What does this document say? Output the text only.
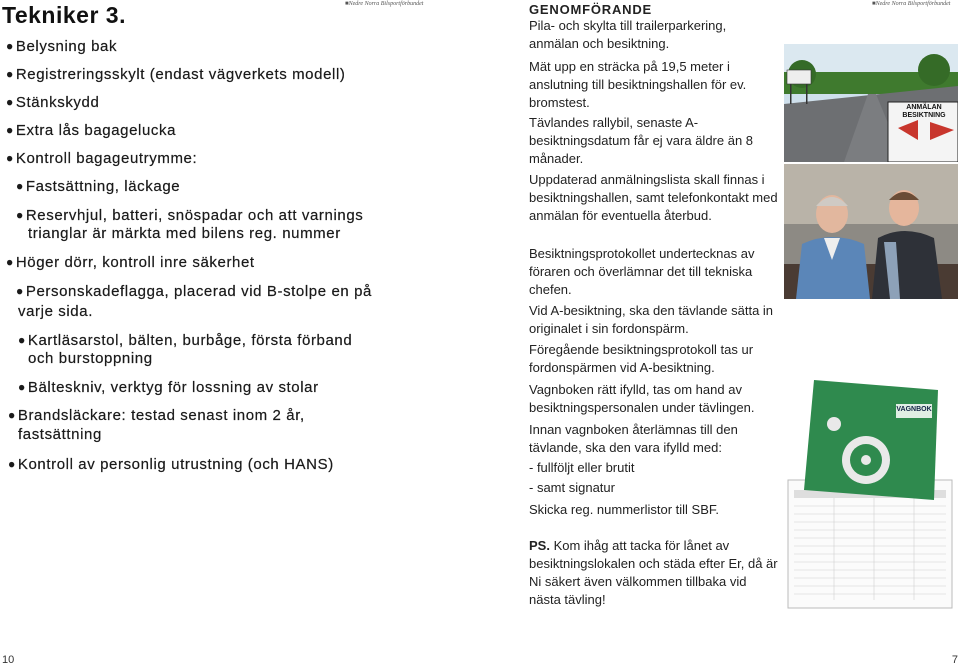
Tekniker 3.
■	Nedre Norra Bilsportförbundet

● Belysning bak

● Registreringsskylt (endast vägverkets modell)

● Stänkskydd

● Extra lås bagagelucka

● Kontroll bagageutrymme:

● Fastsättning, läckage

● Reservhjul, batteri, snöspadar och att varnings

trianglar är märkta med bilens reg. nummer

● Höger dörr, kontroll inre säkerhet

● Personskadeflagga, placerad vid B-stolpe en på

varje sida.

● Kartläsarstol, bälten, burbåge, första förband

och burstoppning

● Bälteskniv, verktyg för lossning av stolar

● Brandsläckare: testad senast inom 2 år,

fastsättning

● Kontroll av personlig utrustning (och HANS)

10
■ Nedre Norra Bilsportförbundet

GENOMFÖRANDE

Pila- och skylta till trailerparkering, anmälan och besiktning.

Mät upp en sträcka på 19,5 meter i anslutning till besiktningshallen för ev. bromstest.

Tävlandes rallybil, senaste A-besiktningsdatum får ej vara äldre än 8 månader.

Uppdaterad anmälningslista skall finnas i besiktningshallen, samt telefonkontakt med anmälan för eventuella återbud.

Besiktningsprotokollet undertecknas av föraren och överlämnar det till tekniska chefen.

Vid A-besiktning, ska den tävlande sätta in originalet i sin fordonspärm.

Föregående besiktningsprotokoll tas ur fordonspärmen vid A-besiktning.

Vagnboken rätt ifylld, tas om hand av besiktningspersonalen under tävlingen.

Innan vagnboken återlämnas till den tävlande, ska den vara ifylld med:

- fullföljt eller brutit

- samt signatur

Skicka reg. nummerlistor till SBF.

PS. Kom ihåg att tacka för lånet av besiktningslokalen och städa efter Er, då är Ni säkert även välkommen tillbaka vid nästa tävling!

ANMÄLAN BESIKTNING
VAGNBOK
7
